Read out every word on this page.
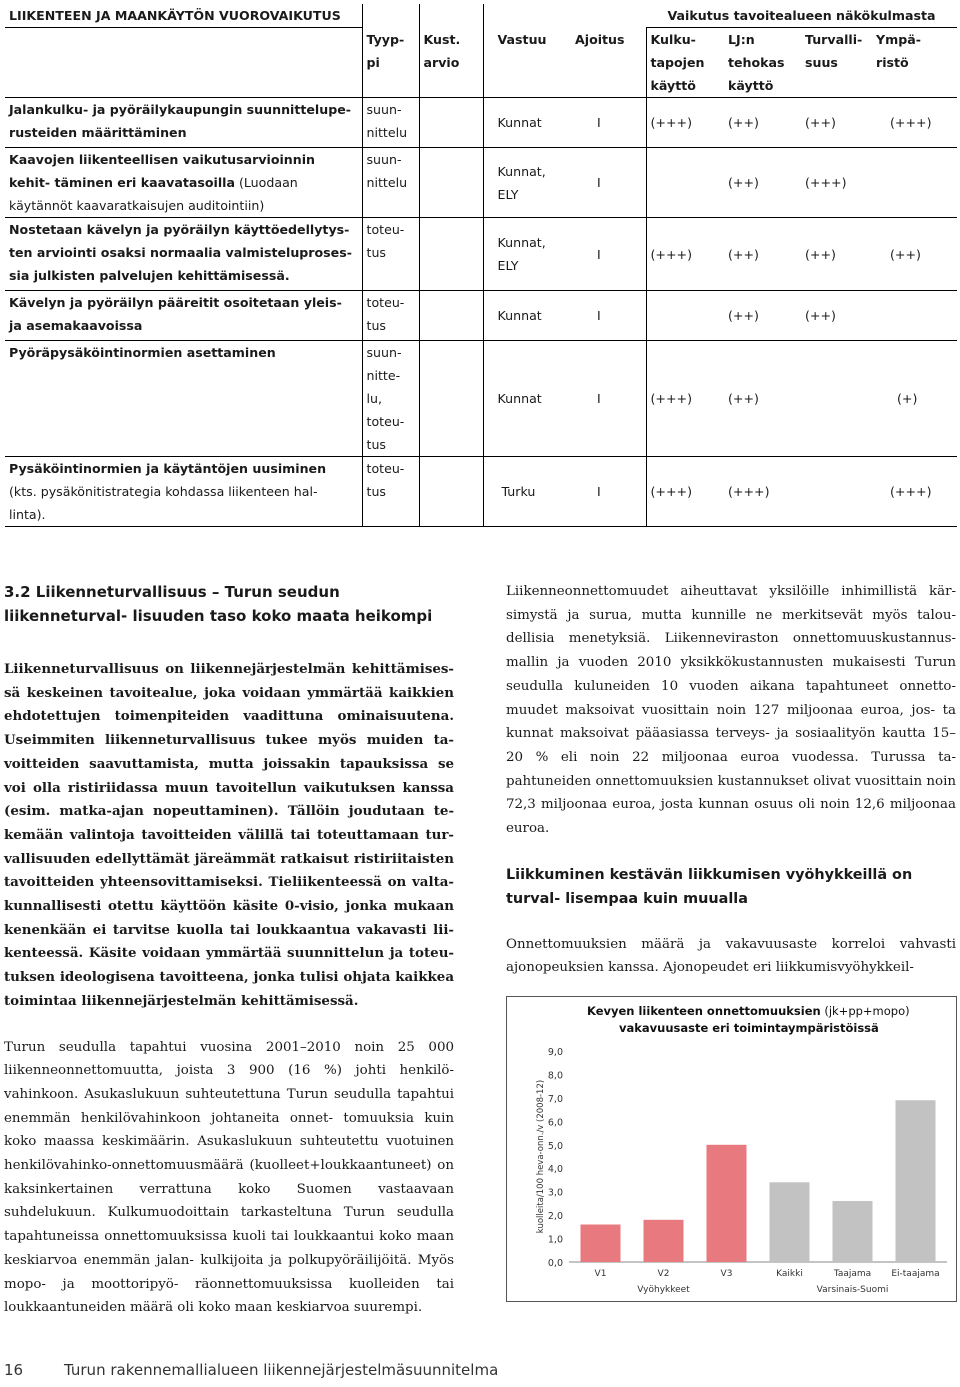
LIIKENTEEN JA MAANKÄYTÖN VUOROVAIKUTUS					Vaikutus tavoitealueen näkökulmasta			
	Tyyp- pi	Kust. arvio	Vastuu	Ajoitus	Kulku- tapojen käyttö	LJ:n tehokas käyttö	Turvalli- suus	Ympä- ristö
Jalankulku- ja pyöräilykaupungin suunnittelupe- rusteiden määrittäminen	suun- nittelu		Kunnat	I	(+++)	(++)	(++)	(+++)
Kaavojen liikenteellisen vaikutusarvioinnin kehit- täminen eri kaavatasoilla (Luodaan käytännöt kaavaratkaisujen auditointiin)	suun- nittelu		Kunnat, ELY	I		(++)	(+++)	
Nostetaan kävelyn ja pyöräilyn käyttöedellytys- ten arviointi osaksi normaalia valmisteluproses- sia julkisten palvelujen kehittämisessä.	toteu- tus		Kunnat, ELY	I	(+++)	(++)	(++)	(++)
Kävelyn ja pyöräilyn pääreitit osoitetaan yleis- ja asemakaavoissa	toteu- tus		Kunnat	I		(++)	(++)	
Pyöräpysäköintinormien asettaminen	suun- nitte- lu, toteu- tus		Kunnat	I	(+++)	(++)		(+)
Pysäköintinormien ja käytäntöjen uusiminen (kts. pysäkönitistrategia kohdassa liikenteen hal- linta).	toteu- tus		Turku	I	(+++)	(+++)		(+++)
3.2 Liikenneturvallisuus – Turun seudun liikenneturval- lisuuden taso koko maata heikompi
Liikenneturvallisuus on liikennejärjestelmän kehittämises- sä keskeinen tavoitealue, joka voidaan ymmärtää kaikkien ehdotettujen toimenpiteiden vaadittuna ominaisuutena. Useimmiten liikenneturvallisuus tukee myös muiden ta- voitteiden saavuttamista, mutta joissakin tapauksissa se voi olla ristiriidassa muun tavoitellun vaikutuksen kanssa (esim. matka-ajan nopeuttaminen). Tällöin joudutaan te- kemään valintoja tavoitteiden välillä tai toteuttamaan tur- vallisuuden edellyttämät järeämmät ratkaisut ristiriitaisten tavoitteiden yhteensovittamiseksi. Tieliikenteessä on valta- kunnallisesti otettu käyttöön käsite 0-visio, jonka mukaan kenenkään ei tarvitse kuolla tai loukkaantua vakavasti lii- kenteessä. Käsite voidaan ymmärtää suunnittelun ja toteu- tuksen ideologisena tavoitteena, jonka tulisi ohjata kaikkea toimintaa liikennejärjestelmän kehittämisessä.
Turun seudulla tapahtui vuosina 2001–2010 noin 25 000 liikenneonnettomuutta, joista 3 900 (16 %) johti henkilö- vahinkoon. Asukaslukuun suhteutettuna Turun seudulla tapahtui enemmän henkilövahinkoon johtaneita onnet- tomuuksia kuin koko maassa keskimäärin. Asukaslukuun suhteutettu vuotuinen henkilövahinko-onnettomuusmäärä (kuolleet+loukkaantuneet) on kaksinkertainen verrattuna koko Suomen vastaavaan suhdelukuun. Kulkumuodoittain tarkasteltuna Turun seudulla tapahtuneissa onnettomuuksissa kuoli tai loukkaantui koko maan keskiarvoa enemmän jalan- kulkijoita ja polkupyöräilijöitä. Myös mopo- ja moottoripyö- räonnettomuuksissa kuolleiden tai loukkaantuneiden määrä oli koko maan keskiarvoa suurempi.
Liikenneonnettomuudet aiheuttavat yksilöille inhimillistä kär- simystä ja surua, mutta kunnille ne merkitsevät myös talou- dellisia menetyksiä. Liikenneviraston onnettomuuskustannus- mallin ja vuoden 2010 yksikkökustannusten mukaisesti Turun seudulla kuluneiden 10 vuoden aikana tapahtuneet onnetto- muudet maksoivat vuosittain noin 127 miljoonaa euroa, jos- ta kunnat maksoivat pääasiassa terveys- ja sosiaalityön kautta 15–20 % eli noin 22 miljoonaa euroa vuodessa. Turussa ta- pahtuneiden onnettomuuksien kustannukset olivat vuosittain noin 72,3 miljoonaa euroa, josta kunnan osuus oli noin 12,6 miljoonaa euroa.
Liikkuminen kestävän liikkumisen vyöhykkeillä on turval- lisempaa kuin muualla
Onnettomuuksien määrä ja vakavuusaste korreloi vahvasti ajonopeuksien kanssa. Ajonopeudet eri liikkumisvyöhykkeil-
Kevyen liikenteen onnettomuuksien (jk+pp+mopo)
vakavuusaste eri toimintaympäristöissä
0,0
1,0
2,0
3,0
4,0
5,0
6,0
7,0
8,0
9,0
kuolleita/100 heva-onn./v (2008-12)
V1	V2	V3	Kaikki	Taajama Ei-taajama
Vyöhykkeet	Varsinais-Suomi
16	Turun rakennemallialueen liikennejärjestelmäsuunnitelma
